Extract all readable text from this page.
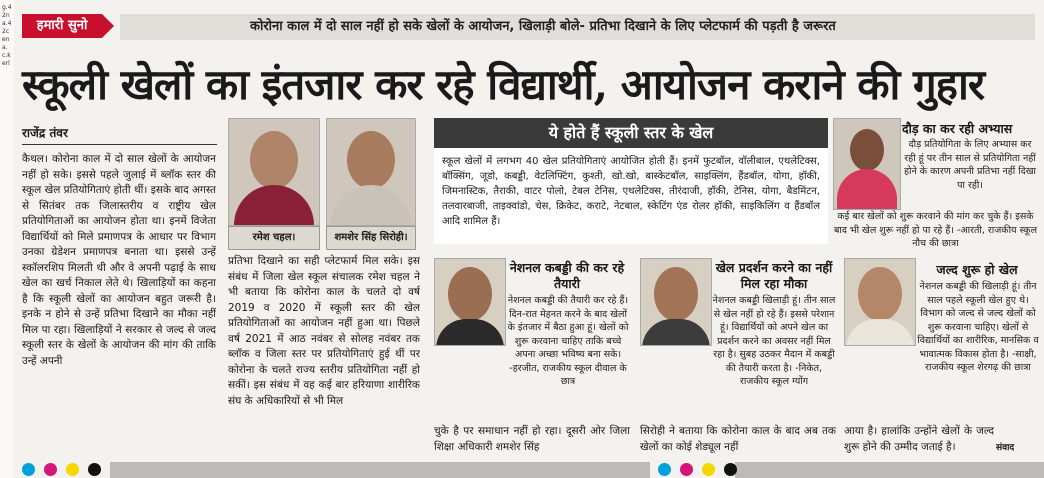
g.42na.42cena.c.kerl
हमारी सुनो	कोरोना काल में दो साल नहीं हो सके खेलों के आयोजन, खिलाड़ी बोले- प्रतिभा दिखाने के लिए प्लेटफार्म की पड़ती है जरूरत
स्कूली खेलों का इंतजार कर रहे विद्यार्थी, आयोजन कराने की गुहार
राजेंद्र तंवर
कैथल। कोरोना काल में दो साल खेलों के आयोजन नहीं हो सके। इससे पहले जुलाई में ब्लॉक स्तर की स्कूल खेल प्रतियोगिताएं होती थीं। इसके बाद अगस्त से सितंबर तक जिलास्तरीय व राष्ट्रीय खेल प्रतियोगिताओं का आयोजन होता था। इनमें विजेता विद्यार्थियों को मिले प्रमाणपत्र के आधार पर विभाग उनका ग्रेडेशन प्रमाणपत्र बनाता था। इससे उन्हें स्कॉलरशिप मिलती थी और वे अपनी पढ़ाई के साथ खेल का खर्च निकाल लेते थे। खिलाड़ियों का कहना है कि स्कूली खेलों का आयोजन बहुत जरूरी है। इनके न होने से उन्हें प्रतिभा दिखाने का मौका नहीं मिल पा रहा। खिलाड़ियों ने सरकार से जल्द से जल्द स्कूली स्तर के खेलों के आयोजन की मांग की ताकि उन्हें अपनी
रमेश चहल।	शमशेर सिंह सिरोही।
प्रतिभा दिखाने का सही प्लेटफार्म मिल सके। इस संबंध में जिला खेल स्कूल संचालक रमेश चहल ने भी बताया कि कोरोना काल के चलते दो वर्ष 2019 व 2020 में स्कूली स्तर की खेल प्रतियोगिताओं का आयोजन नहीं हुआ था। पिछले वर्ष 2021 में आठ नवंबर से सोलह नवंबर तक ब्लॉक व जिला स्तर पर प्रतियोगिताएं हुई थीं पर कोरोना के चलते राज्य स्तरीय प्रतियोगिता नहीं हो सकीं। इस संबंध में वह कई बार हरियाणा शारीरिक संघ के अधिकारियों से भी मिल
ये होते हैं स्कूली स्तर के खेल
स्कूल खेलों में लगभग 40 खेल प्रतियोगिताएं आयोजित होती हैं। इनमें फुटबॉल, वॉलीबाल, एथलेटिक्स, बॉक्सिंग, जूडो, कबड्डी, वेटलिफ्टिंग, कुश्ती, खो.खो, बास्केटबॉल, साइक्लिंग, हैंडबॉल, योगा, हॉकी, जिमनास्टिक, तैराकी, वाटर पोलो, टेबल टेनिस, एथलेटिक्स, तीरंदाजी, हॉकी, टेनिस, योगा, बैडमिंटन, तलवारबाजी, ताइक्वांडो, चेस, क्रिकेट, कराटे, नेटबाल, स्केटिंग एंड रोलर हॉकी, साइकिलिंग व हैंडबॉल आदि शामिल हैं।
दौड़ का कर रही अभ्यास
दौड़ प्रतियोगिता के लिए अभ्यास कर रही हूं पर तीन साल से प्रतियोगिता नहीं होने के कारण अपनी प्रतिभा नहीं दिखा पा रही।
कई बार खेलों को शुरू करवाने की मांग कर चुके हैं। इसके बाद भी खेल शुरू नहीं हो पा रहे हैं। -आरती, राजकीय स्कूल नौच की छात्रा
नेशनल कबड्डी की कर रहे तैयारी
नेशनल कबड्डी की तैयारी कर रहे हैं। दिन-रात मेहनत करने के बाद खेलों के इंतजार में बैठा हुआ हूं। खेलों को शुरू करवाना चाहिए ताकि बच्चे अपना अच्छा भविष्य बना सके। -हरजीत, राजकीय स्कूल दीवाल के छात्र
खेल प्रदर्शन करने का नहीं मिल रहा मौका
नेशनल कबड्डी खिलाड़ी हूं। तीन साल से खेल नहीं हो रहे हैं। इससे परेशान हूं। विद्यार्थियों को अपने खेल का प्रदर्शन करने का अवसर नहीं मिल रहा है। सुबह उठकर मैदान में कबड्डी की तैयारी करता है। -निकेत, राजकीय स्कूल ग्योंग
जल्द शुरू हो खेल
नेशनल कबड्डी की खिलाड़ी हूं। तीन साल पहले स्कूली खेल हुए थे। विभाग को जल्द से जल्द खेलों को शुरू करवाना चाहिए। खेलों से विद्यार्थियों का शारीरिक, मानसिक व भावात्मक विकास होता है। -साक्षी, राजकीय स्कूल शेरगढ़ की छात्रा
चुके है पर समाधान नहीं हो रहा। दूसरी ओर जिला शिक्षा अधिकारी शमशेर सिंह
सिरोही ने बताया कि कोरोना काल के बाद अब तक खेलों का कोई शेड्यूल नहीं
आया है। हालांकि उन्होंने खेलों के जल्द शुरू होने की उम्मीद जताई है।	संवाद
